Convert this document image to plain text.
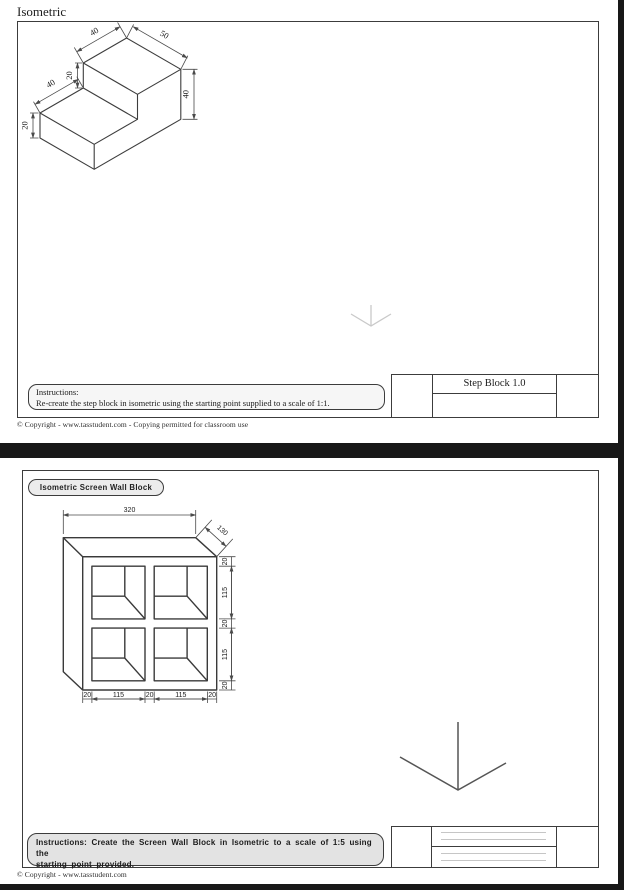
Isometric
40	50
20
40
20
40
Instructions:
Re-create the step block in isometric using the starting point supplied to a scale of 1:1.
Step Block 1.0
© Copyright - www.tasstudent.com - Copying permitted for classroom use
Isometric Screen Wall Block
320
130
20
115
20
115
20
20	115	20	115	20
Instructions: Create the Screen Wall Block in Isometric to a scale of 1:5 using the
starting point provided.
© Copyright - www.tasstudent.com
